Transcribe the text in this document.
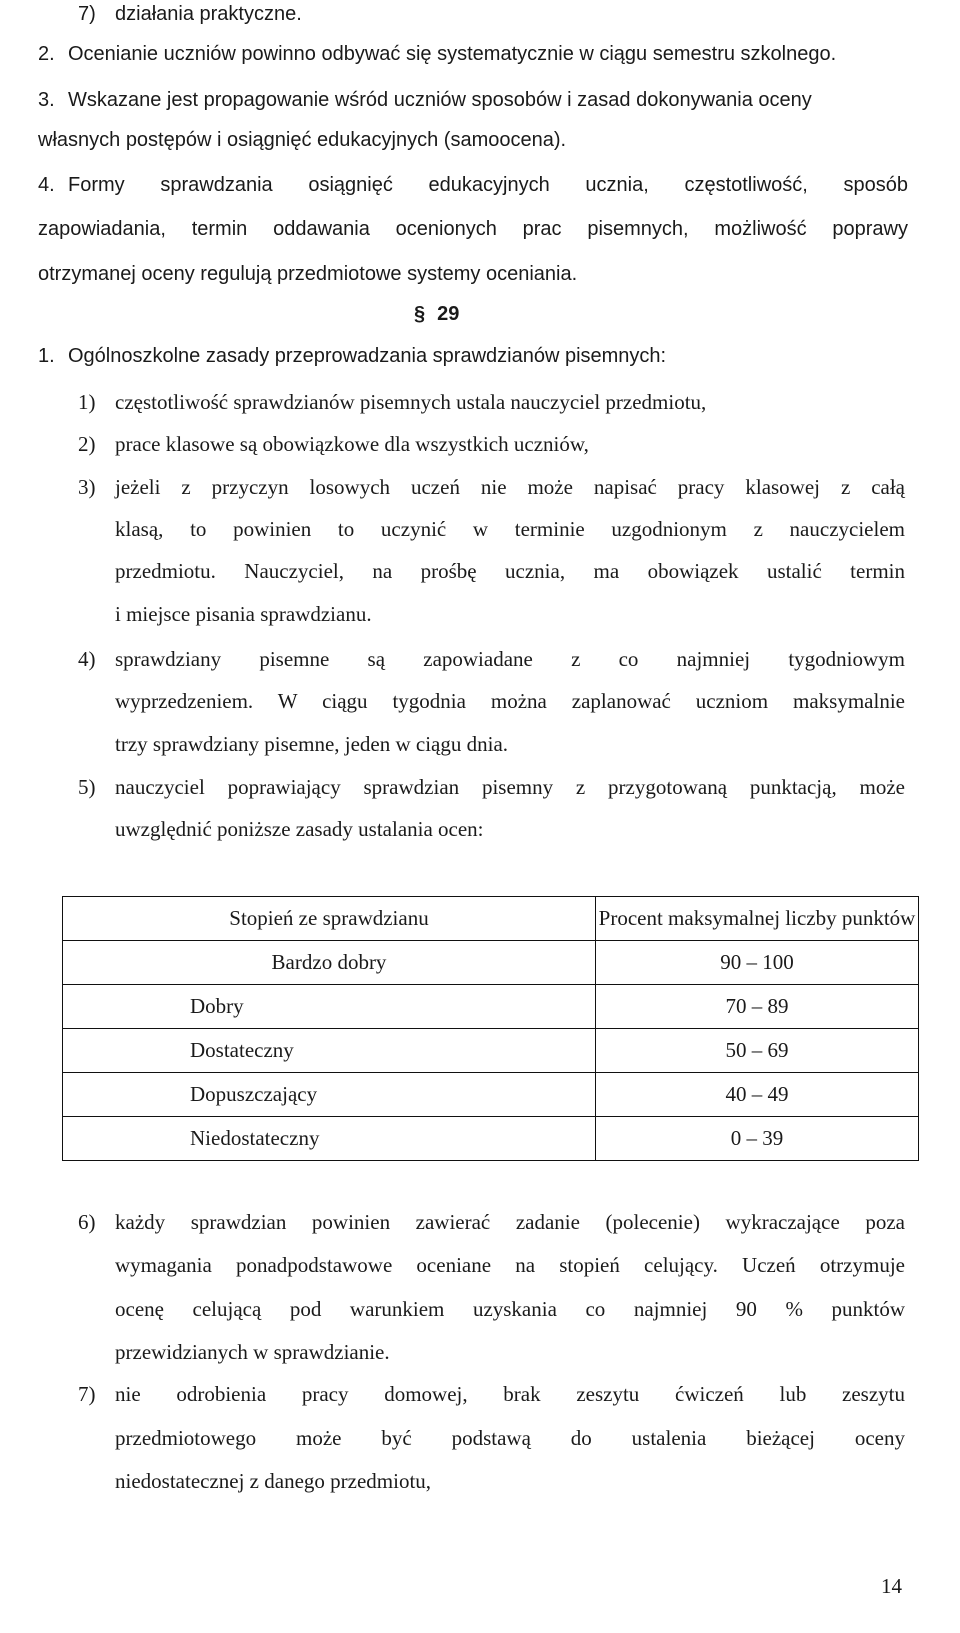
7) działania praktyczne.
2. Ocenianie uczniów powinno odbywać się systematycznie w ciągu semestru szkolnego.
3. Wskazane jest propagowanie wśród uczniów sposobów i zasad dokonywania oceny
własnych postępów i osiągnięć edukacyjnych (samoocena).
4. Formy sprawdzania osiągnięć edukacyjnych ucznia, częstotliwość, sposób
zapowiadania, termin oddawania ocenionych prac pisemnych, możliwość poprawy
otrzymanej oceny regulują przedmiotowe systemy oceniania.
§ 29
1. Ogólnoszkolne zasady przeprowadzania sprawdzianów pisemnych:
1) częstotliwość sprawdzianów pisemnych ustala nauczyciel przedmiotu,
2) prace klasowe są obowiązkowe dla wszystkich uczniów,
3) jeżeli z przyczyn losowych uczeń nie może napisać pracy klasowej z całą
klasą, to powinien to uczynić w terminie uzgodnionym z nauczycielem
przedmiotu. Nauczyciel, na prośbę ucznia, ma obowiązek ustalić termin
i miejsce pisania sprawdzianu.
4) sprawdziany pisemne są zapowiadane z co najmniej tygodniowym
wyprzedzeniem. W ciągu tygodnia można zaplanować uczniom maksymalnie
trzy sprawdziany pisemne, jeden w ciągu dnia.
5) nauczyciel poprawiający sprawdzian pisemny z przygotowaną punktacją, może
uwzględnić poniższe zasady ustalania ocen:
Stopień ze sprawdzianu	Procent maksymalnej liczby punktów
Bardzo dobry	90 – 100
Dobry	70 – 89
Dostateczny	50 – 69
Dopuszczający	40 – 49
Niedostateczny	0 – 39
6) każdy sprawdzian powinien zawierać zadanie (polecenie) wykraczające poza
wymagania ponadpodstawowe oceniane na stopień celujący. Uczeń otrzymuje
ocenę celującą pod warunkiem uzyskania co najmniej 90 % punktów
przewidzianych w sprawdzianie.
7) nie odrobienia pracy domowej, brak zeszytu ćwiczeń lub zeszytu
przedmiotowego może być podstawą do ustalenia bieżącej oceny
niedostatecznej z danego przedmiotu,
14
